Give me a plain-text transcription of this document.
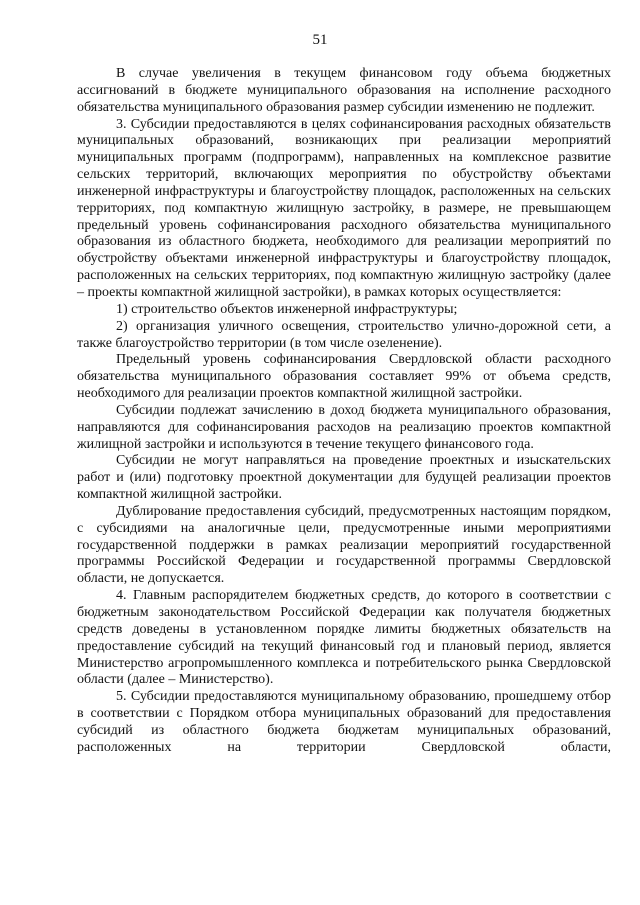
51

В случае увеличения в текущем финансовом году объема бюджетных ассигнований в бюджете муниципального образования на исполнение расходного обязательства муниципального образования размер субсидии изменению не подлежит.

3. Субсидии предоставляются в целях софинансирования расходных обязательств муниципальных образований, возникающих при реализации мероприятий муниципальных программ (подпрограмм), направленных на комплексное развитие сельских территорий, включающих мероприятия по обустройству объектами инженерной инфраструктуры и благоустройству площадок, расположенных на сельских территориях, под компактную жилищную застройку, в размере, не превышающем предельный уровень софинансирования расходного обязательства муниципального образования из областного бюджета, необходимого для реализации мероприятий по обустройству объектами инженерной инфраструктуры и благоустройству площадок, расположенных на сельских территориях, под компактную жилищную застройку (далее – проекты компактной жилищной застройки), в рамках которых осуществляется:

1) строительство объектов инженерной инфраструктуры;

2) организация уличного освещения, строительство улично-дорожной сети, а также благоустройство территории (в том числе озеленение).

Предельный уровень софинансирования Свердловской области расходного обязательства муниципального образования составляет 99% от объема средств, необходимого для реализации проектов компактной жилищной застройки.

Субсидии подлежат зачислению в доход бюджета муниципального образования, направляются для софинансирования расходов на реализацию проектов компактной жилищной застройки и используются в течение текущего финансового года.

Субсидии не могут направляться на проведение проектных и изыскательских работ и (или) подготовку проектной документации для будущей реализации проектов компактной жилищной застройки.

Дублирование предоставления субсидий, предусмотренных настоящим порядком, с субсидиями на аналогичные цели, предусмотренные иными мероприятиями государственной поддержки в рамках реализации мероприятий государственной программы Российской Федерации и государственной программы Свердловской области, не допускается.

4. Главным распорядителем бюджетных средств, до которого в соответствии с бюджетным законодательством Российской Федерации как получателя бюджетных средств доведены в установленном порядке лимиты бюджетных обязательств на предоставление субсидий на текущий финансовый год и плановый период, является Министерство агропромышленного комплекса и потребительского рынка Свердловской области (далее – Министерство).

5. Субсидии предоставляются муниципальному образованию, прошедшему отбор в соответствии с Порядком отбора муниципальных образований для предоставления субсидий из областного бюджета бюджетам муниципальных образований, расположенных на территории Свердловской области,
